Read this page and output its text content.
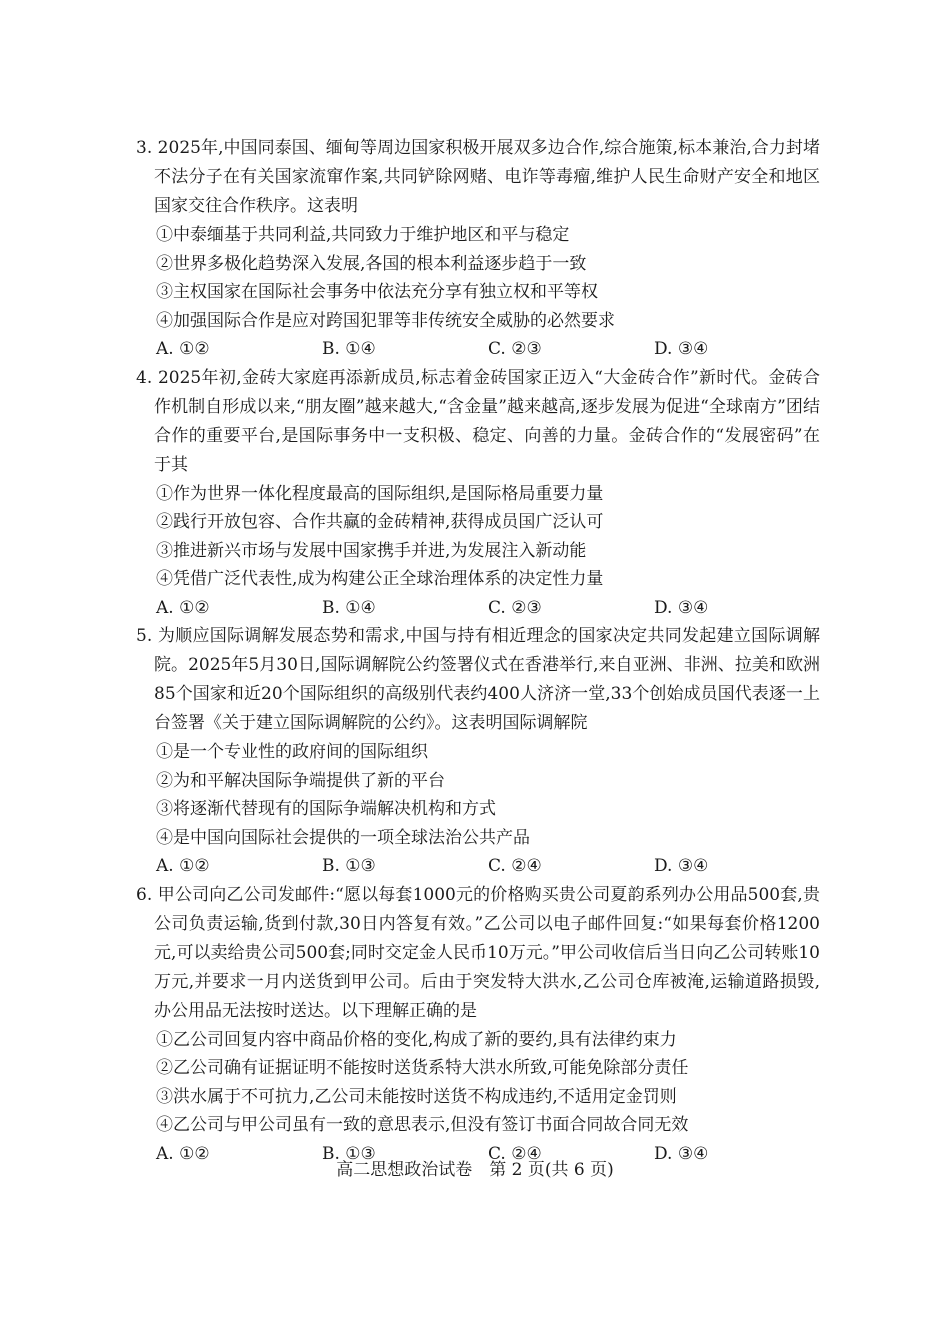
3. 2025年,中国同泰国、缅甸等周边国家积极开展双多边合作,综合施策,标本兼治,合力封堵不法分子在有关国家流窜作案,共同铲除网赌、电诈等毒瘤,维护人民生命财产安全和地区国家交往合作秩序。这表明

①中泰缅基于共同利益,共同致力于维护地区和平与稳定

②世界多极化趋势深入发展,各国的根本利益逐步趋于一致

③主权国家在国际社会事务中依法充分享有独立权和平等权

④加强国际合作是应对跨国犯罪等非传统安全威胁的必然要求

A. ①②	B. ①④	C. ②③	D. ③④

4. 2025年初,金砖大家庭再添新成员,标志着金砖国家正迈入“大金砖合作”新时代。金砖合作机制自形成以来,“朋友圈”越来越大,“含金量”越来越高,逐步发展为促进“全球南方”团结合作的重要平台,是国际事务中一支积极、稳定、向善的力量。金砖合作的“发展密码”在于其

①作为世界一体化程度最高的国际组织,是国际格局重要力量

②践行开放包容、合作共赢的金砖精神,获得成员国广泛认可

③推进新兴市场与发展中国家携手并进,为发展注入新动能

④凭借广泛代表性,成为构建公正全球治理体系的决定性力量

A. ①②	B. ①④	C. ②③	D. ③④

5. 为顺应国际调解发展态势和需求,中国与持有相近理念的国家决定共同发起建立国际调解院。2025年5月30日,国际调解院公约签署仪式在香港举行,来自亚洲、非洲、拉美和欧洲85个国家和近20个国际组织的高级别代表约400人济济一堂,33个创始成员国代表逐一上台签署《关于建立国际调解院的公约》。这表明国际调解院

①是一个专业性的政府间的国际组织

②为和平解决国际争端提供了新的平台

③将逐渐代替现有的国际争端解决机构和方式

④是中国向国际社会提供的一项全球法治公共产品

A. ①②	B. ①③	C. ②④	D. ③④

6. 甲公司向乙公司发邮件:“愿以每套1000元的价格购买贵公司夏韵系列办公用品500套,贵公司负责运输,货到付款,30日内答复有效。”乙公司以电子邮件回复:“如果每套价格1200元,可以卖给贵公司500套;同时交定金人民币10万元。”甲公司收信后当日向乙公司转账10万元,并要求一月内送货到甲公司。后由于突发特大洪水,乙公司仓库被淹,运输道路损毁,办公用品无法按时送达。以下理解正确的是

①乙公司回复内容中商品价格的变化,构成了新的要约,具有法律约束力

②乙公司确有证据证明不能按时送货系特大洪水所致,可能免除部分责任

③洪水属于不可抗力,乙公司未能按时送货不构成违约,不适用定金罚则

④乙公司与甲公司虽有一致的意思表示,但没有签订书面合同故合同无效

A. ①②	B. ①③	C. ②④	D. ③④
高二思想政治试卷　第 2 页(共 6 页)
